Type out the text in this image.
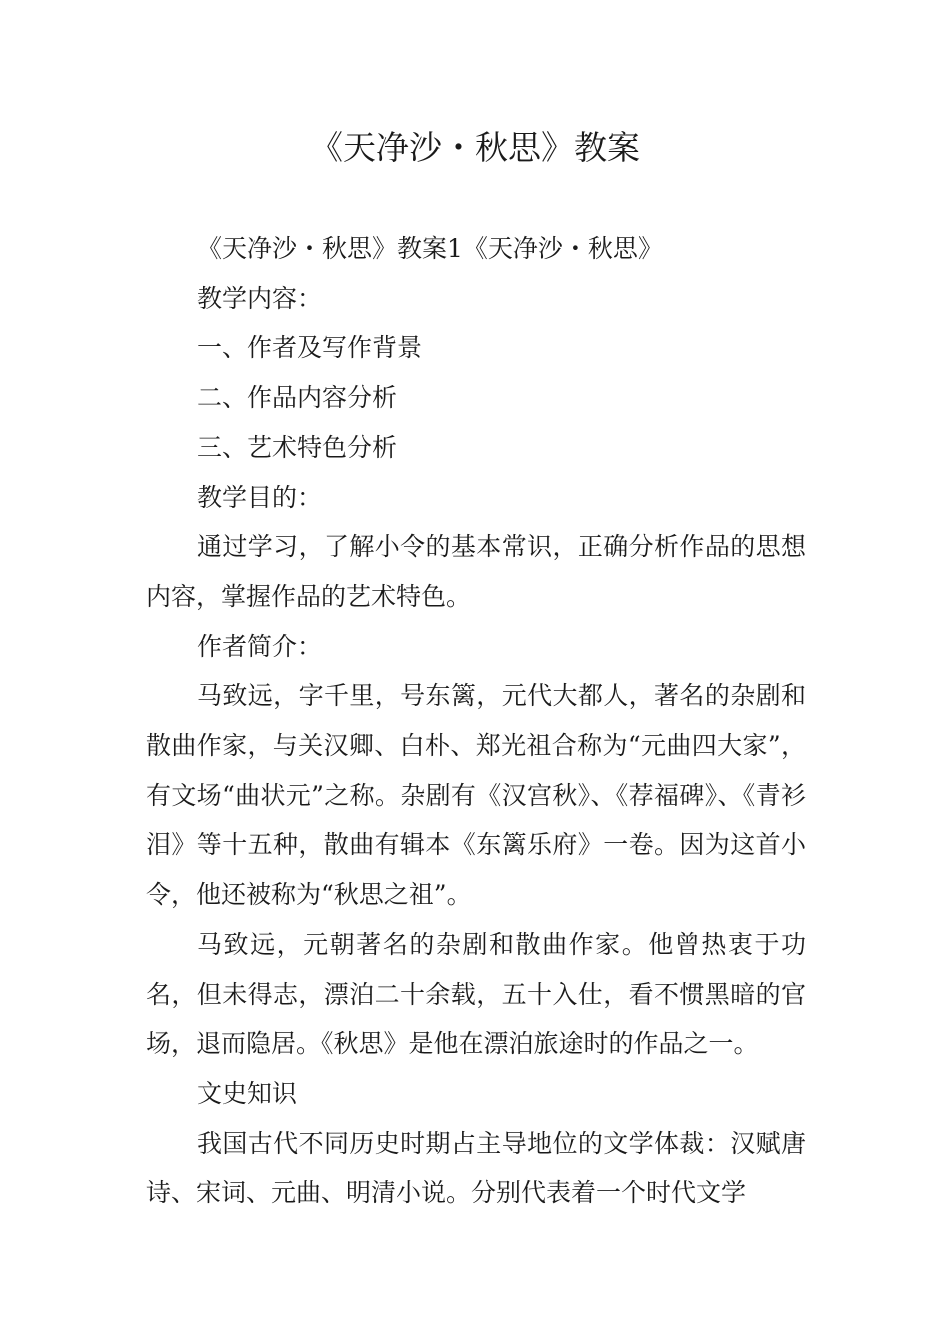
《天净沙・秋思》教案

《天净沙・秋思》教案1《天净沙・秋思》

教学内容：

一、作者及写作背景

二、作品内容分析

三、艺术特色分析

教学目的：

通过学习，了解小令的基本常识，正确分析作品的思想内容，掌握作品的艺术特色。

作者简介：

马致远，字千里，号东篱，元代大都人，著名的杂剧和散曲作家，与关汉卿、白朴、郑光祖合称为“元曲四大家”，有文场“曲状元”之称。杂剧有《汉宫秋》、《荐福碑》、《青衫泪》等十五种，散曲有辑本《东篱乐府》一卷。因为这首小令，他还被称为“秋思之祖”。

马致远，元朝著名的杂剧和散曲作家。他曾热衷于功名，但未得志，漂泊二十余载，五十入仕，看不惯黑暗的官场，退而隐居。《秋思》是他在漂泊旅途时的作品之一。

文史知识

我国古代不同历史时期占主导地位的文学体裁：汉赋唐诗、宋词、元曲、明清小说。分别代表着一个时代文学
